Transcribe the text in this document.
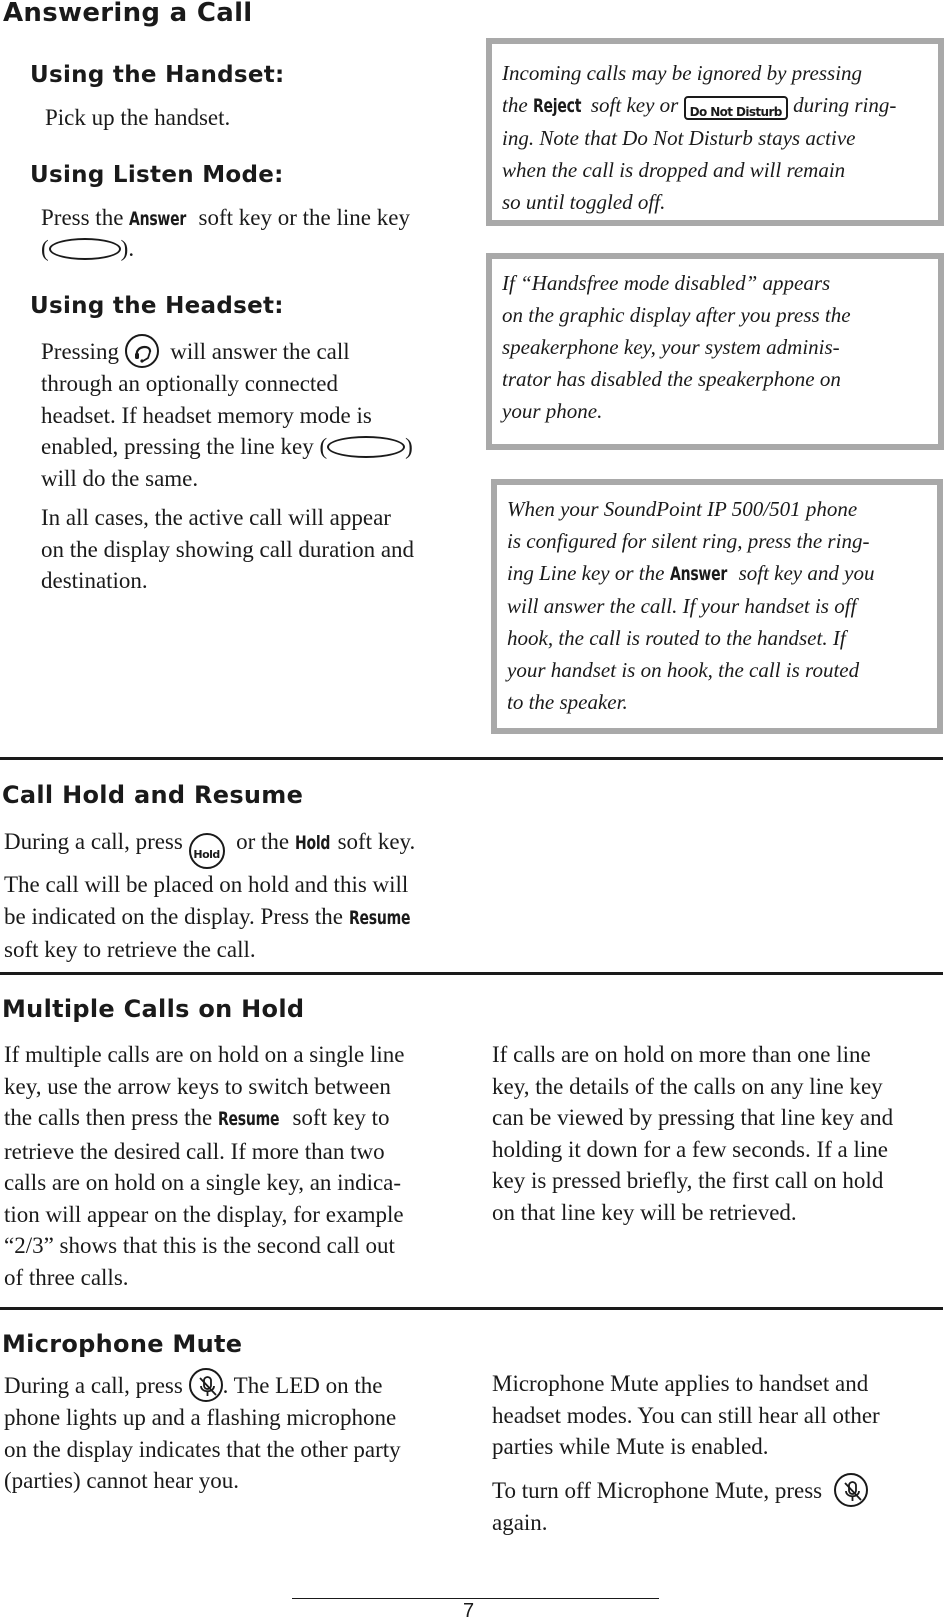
Answering a Call
Using the Handset:

Pick up the handset.

Using Listen Mode:

Press the Answer soft key or the line key

(	).

Using the Headset:
Pressing will answer the call
through an optionally connected
headset. If headset memory mode is
enabled, pressing the line key (	)
will do the same.
In all cases, the active call will appear
on the display showing call duration and
destination.
Incoming calls may be ignored by pressing
the Reject soft key or Do Not Disturb during ring-
ing. Note that Do Not Disturb stays active
when the call is dropped and will remain
so until toggled off.
If “Handsfree mode disabled” appears
on the graphic display after you press the
speakerphone key, your system adminis-
trator has disabled the speakerphone on
your phone.
When your SoundPoint IP 500/501 phone
is configured for silent ring, press the ring-
ing Line key or the Answer soft key and you
will answer the call. If your handset is off
hook, the call is routed to the handset. If
your handset is on hook, the call is routed
to the speaker.
Call Hold and Resume
During a call, press Hold  or the Hold soft key.
The call will be placed on hold and this will
be indicated on the display. Press the Resume
soft key to retrieve the call.
Multiple Calls on Hold
If multiple calls are on hold on a single line
key, use the arrow keys to switch between
the calls then press the Resume soft key to
retrieve the desired call. If more than two
calls are on hold on a single key, an indica-
tion will appear on the display, for example
“2/3” shows that this is the second call out
of three calls.
If calls are on hold on more than one line
key, the details of the calls on any line key
can be viewed by pressing that line key and
holding it down for a few seconds. If a line
key is pressed briefly, the first call on hold
on that line key will be retrieved.
Microphone Mute
During a call, press . The LED on the
phone lights up and a flashing microphone
on the display indicates that the other party
(parties) cannot hear you.
Microphone Mute applies to handset and
headset modes. You can still hear all other
parties while Mute is enabled.
To turn off Microphone Mute, press
again.
7
